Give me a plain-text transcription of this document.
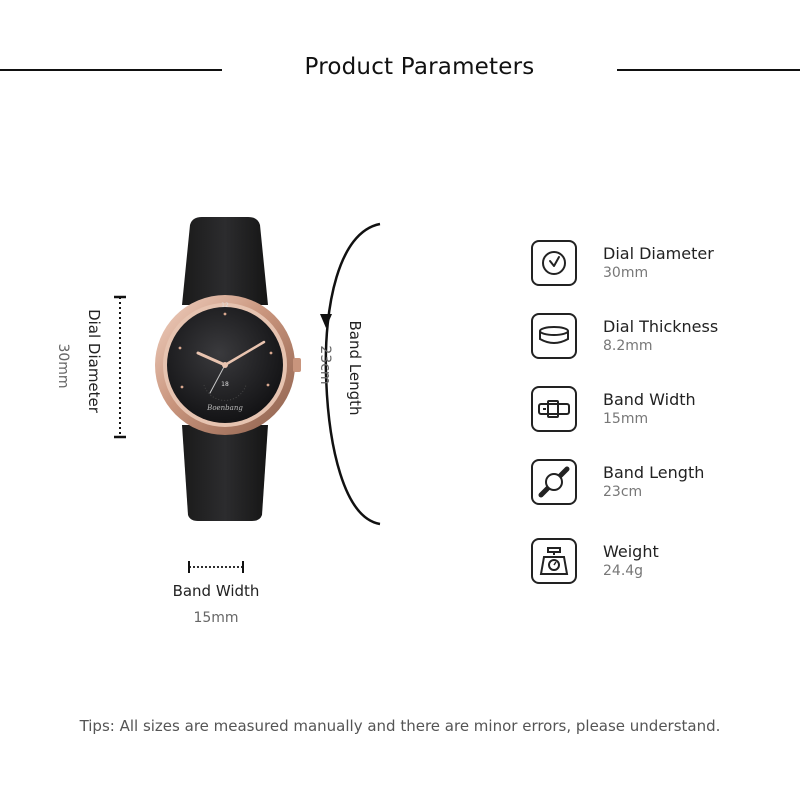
Product Parameters
Dial Diameter
30mm
12
18
Boenbang	Band Length
23cm
Band Width
15mm
Dial Diameter
30mm
Dial Thickness
8.2mm
Band Width
15mm
Band Length
23cm
Weight
24.4g
Tips: All sizes are measured manually and there are minor errors, please understand.
